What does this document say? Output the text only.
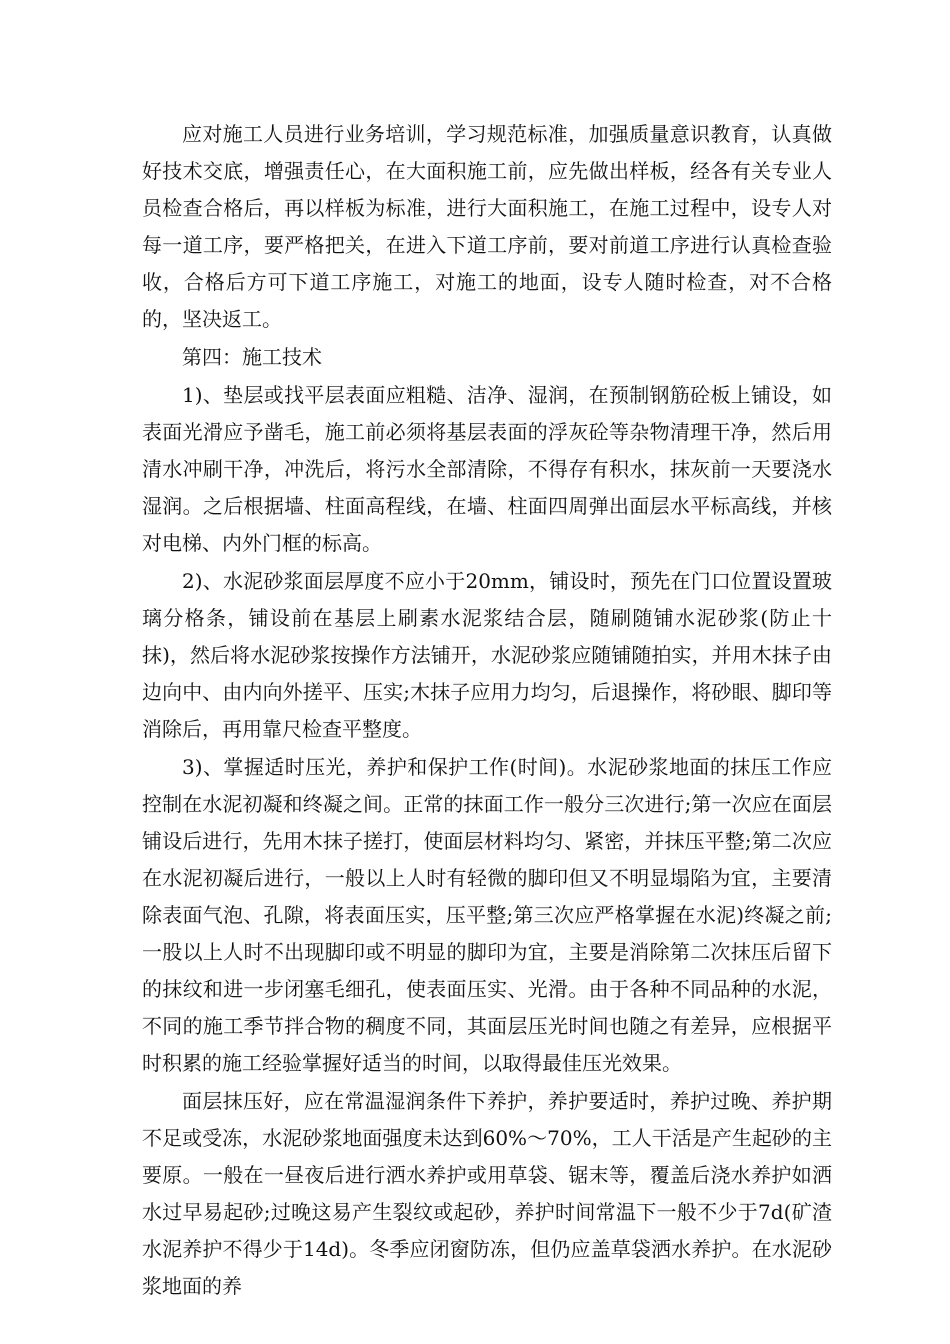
应对施工人员进行业务培训，学习规范标准，加强质量意识教育，认真做好技术交底，增强责任心，在大面积施工前，应先做出样板，经各有关专业人员检查合格后，再以样板为标准，进行大面积施工，在施工过程中，设专人对每一道工序，要严格把关，在进入下道工序前，要对前道工序进行认真检查验收，合格后方可下道工序施工，对施工的地面，设专人随时检查，对不合格的，坚决返工。

第四：施工技术

1)、垫层或找平层表面应粗糙、洁净、湿润，在预制钢筋砼板上铺设，如表面光滑应予凿毛，施工前必须将基层表面的浮灰砼等杂物清理干净，然后用清水冲刷干净，冲洗后，将污水全部清除，不得存有积水，抹灰前一天要浇水湿润。之后根据墙、柱面高程线，在墙、柱面四周弹出面层水平标高线，并核对电梯、内外门框的标高。

2)、水泥砂浆面层厚度不应小于20mm，铺设时，预先在门口位置设置玻璃分格条，铺设前在基层上刷素水泥浆结合层，随刷随铺水泥砂浆(防止十抹)，然后将水泥砂浆按操作方法铺开，水泥砂浆应随铺随拍实，并用木抹子由边向中、由内向外搓平、压实;木抹子应用力均匀，后退操作，将砂眼、脚印等消除后，再用靠尺检查平整度。

3)、掌握适时压光，养护和保护工作(时间)。水泥砂浆地面的抹压工作应控制在水泥初凝和终凝之间。正常的抹面工作一般分三次进行;第一次应在面层铺设后进行，先用木抹子搓打，使面层材料均匀、紧密，并抹压平整;第二次应在水泥初凝后进行，一般以上人时有轻微的脚印但又不明显塌陷为宜，主要清除表面气泡、孔隙，将表面压实，压平整;第三次应严格掌握在水泥)终凝之前;一股以上人时不出现脚印或不明显的脚印为宜，主要是消除第二次抹压后留下的抹纹和进一步闭塞毛细孔，使表面压实、光滑。由于各种不同品种的水泥，不同的施工季节拌合物的稠度不同，其面层压光时间也随之有差异，应根据平时积累的施工经验掌握好适当的时间，以取得最佳压光效果。

面层抹压好，应在常温湿润条件下养护，养护要适时，养护过晚、养护期不足或受冻，水泥砂浆地面强度未达到60%～70%，工人干活是产生起砂的主要原。一般在一昼夜后进行洒水养护或用草袋、锯末等，覆盖后浇水养护如洒水过早易起砂;过晚这易产生裂纹或起砂，养护时间常温下一般不少于7d(矿渣水泥养护不得少于14d)。冬季应闭窗防冻，但仍应盖草袋洒水养护。在水泥砂浆地面的养
